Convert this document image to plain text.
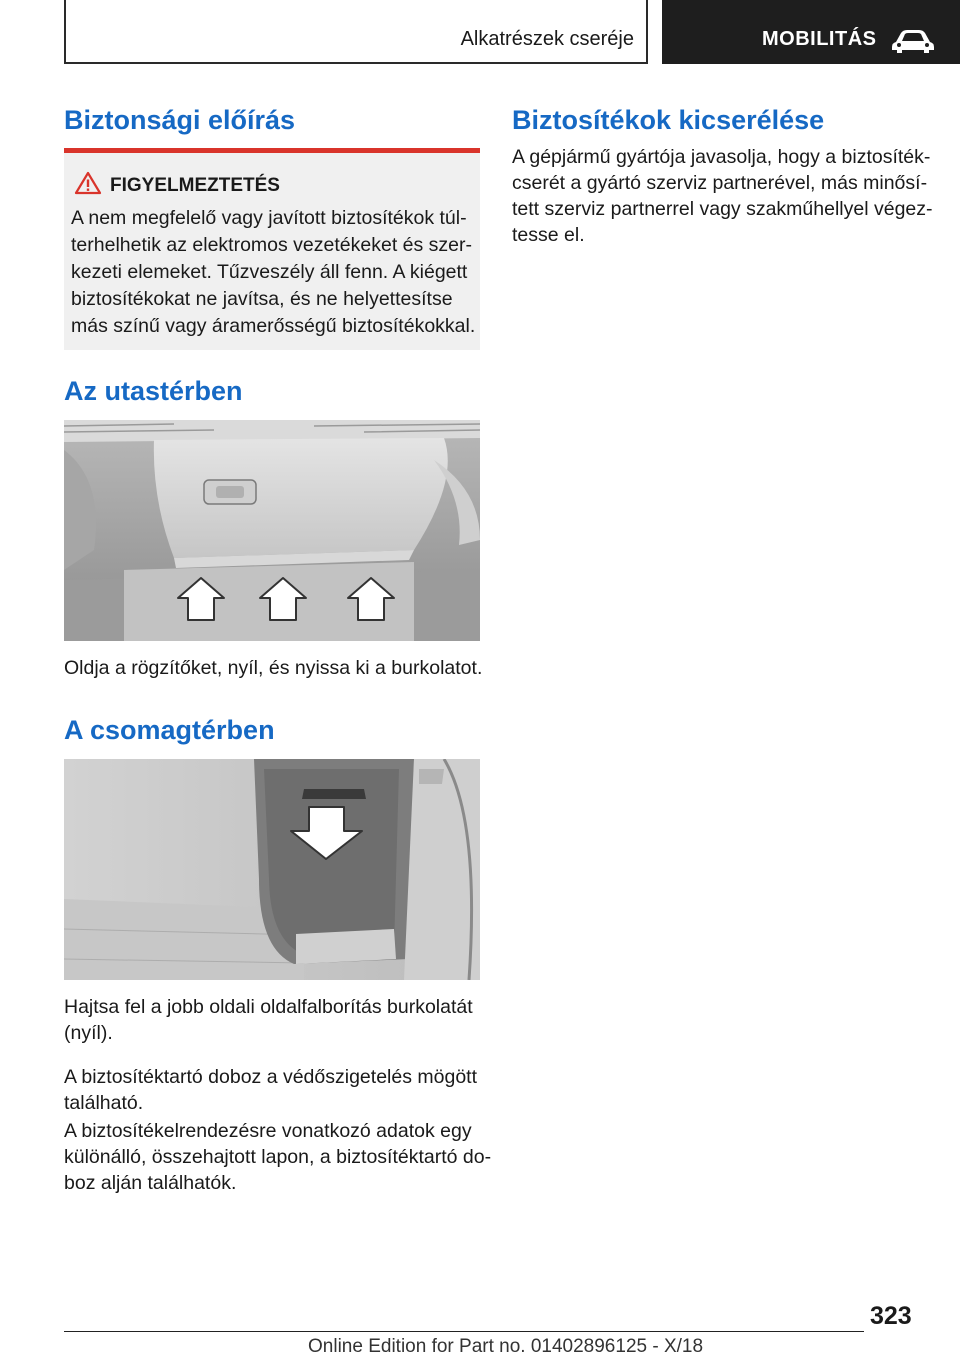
Alkatrészek cseréje	MOBILITÁS
Biztonsági előírás
FIGYELMEZTETÉS
A nem megfelelő vagy javított biztosítékok túl-
terhelhetik az elektromos vezetékeket és szer-
kezeti elemeket. Tűzveszély áll fenn. A kiégett
biztosítékokat ne javítsa, és ne helyettesítse
más színű vagy áramerősségű biztosítékokkal.
Az utastérben
Oldja a rögzítőket, nyíl, és nyissa ki a burkolatot.
A csomagtérben
Hajtsa fel a jobb oldali oldalfalborítás burkolatát
(nyíl).
A biztosítéktartó doboz a védőszigetelés mögött
található.
A biztosítékelrendezésre vonatkozó adatok egy
különálló, összehajtott lapon, a biztosítéktartó do-
boz alján találhatók.
Biztosítékok kicserélése
A gépjármű gyártója javasolja, hogy a biztosíték-
cserét a gyártó szerviz partnerével, más minősí-
tett szerviz partnerrel vagy szakműhellyel végez-
tesse el.
323
Online Edition for Part no. 01402896125 - X/18
